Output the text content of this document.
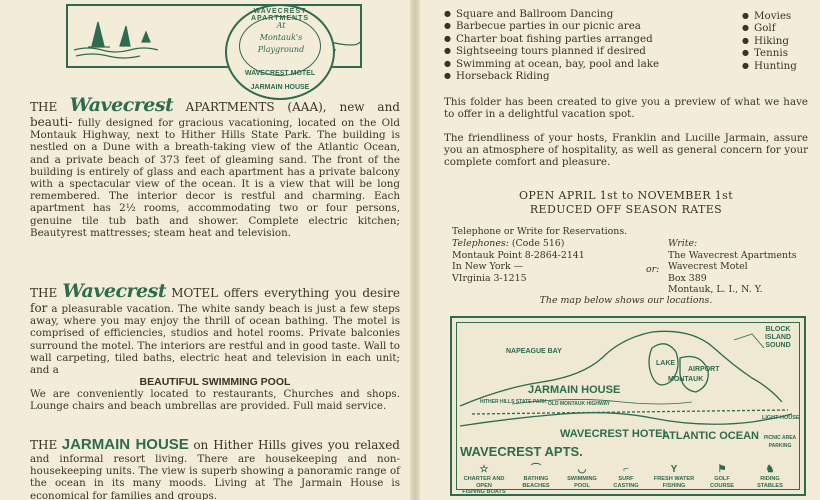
WAVECREST APARTMENTS
At
Montauk's
Playground
WAVECREST MOTEL
JARMAIN HOUSE
THE Wavecrest APARTMENTS (AAA), new and beauti- fully designed for gracious vacationing, located on the Old Montauk Highway, next to Hither Hills State Park. The building is nestled on a Dune with a breath-taking view of the Atlantic Ocean, and a private beach of 373 feet of gleaming sand. The front of the building is entirely of glass and each apartment has a private balcony with a spectacular view of the ocean. It is a view that will be long remembered. The interior decor is restful and charming. Each apartment has 2½ rooms, accommodating two or four persons, genuine tile tub bath and shower. Complete electric kitchen; Beautyrest mattresses; steam heat and television.
THE Wavecrest MOTEL offers everything you desire for a pleasurable vacation. The white sandy beach is just a few steps away, where you may enjoy the thrill of ocean bathing. The motel is comprised of efficiencies, studios and hotel rooms. Private balconies surround the motel. The interiors are restful and in good taste. Wall to wall carpeting, tiled baths, electric heat and television in each unit; and a
BEAUTIFUL SWIMMING POOL
We are conveniently located to restaurants, Churches and shops. Lounge chairs and beach umbrellas are provided. Full maid service.
THE JARMAIN HOUSE on Hither Hills gives you relaxed and informal resort living. There are housekeeping and non-housekeeping units. The view is superb showing a panoramic range of the ocean in its many moods. Living at The Jarmain House is economical for families and groups.
● Square and Ballroom Dancing
● Barbecue parties in our picnic area
● Charter boat fishing parties arranged
● Sightseeing tours planned if desired
● Swimming at ocean, bay, pool and lake
● Horseback Riding
● Movies
● Golf
● Hiking
● Tennis
● Hunting

This folder has been created to give you a preview of what we have to offer in a delightful vacation spot.

The friendliness of your hosts, Franklin and Lucille Jarmain, assure you an atmosphere of hospitality, as well as general concern for your complete comfort and pleasure.

OPEN APRIL 1st to NOVEMBER 1st
REDUCED OFF SEASON RATES
Telephone or Write for Reservations.
Telephones: (Code 516)
Montauk Point 8-2864-2141
In New York —
VIrginia 3-1215
or:
Write:
The Wavecrest Apartments
Wavecrest Motel
Box 389
Montauk, L. I., N. Y.
The map below shows our locations.
NAPEAGUE BAY
BLOCK ISLAND SOUND
LAKE
MONTAUK
AIRPORT
JARMAIN HOUSE
HITHER HILLS STATE PARK OLD MONTAUK HIGHWAY
WAVECREST HOTEL
ATLANTIC OCEAN
LIGHT HOUSE
PICNIC AREA PARKING
WAVECREST APTS.
☆
CHARTER AND OPEN
FISHING BOATS
⌒
BATHING
BEACHES
◡
SWIMMING
POOL
⌐
SURF
CASTING
Y
FRESH WATER
FISHING
⚑
GOLF
COURSE
♞
RIDING
STABLES
